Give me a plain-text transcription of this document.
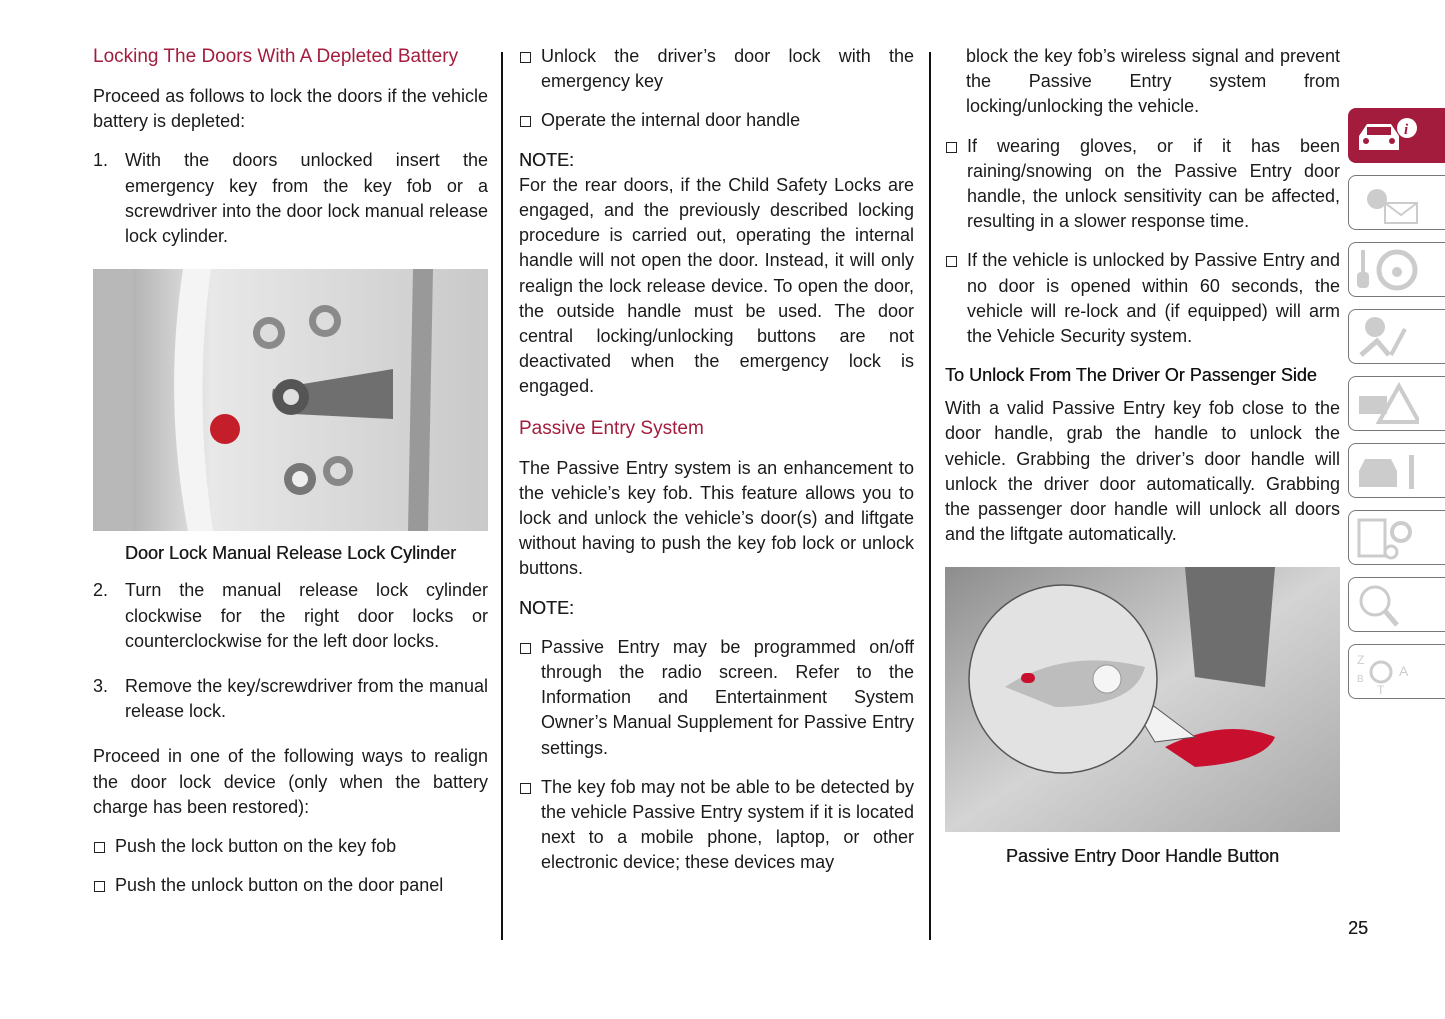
Locking The Doors With A Depleted Battery

Proceed as follows to lock the doors if the vehicle battery is depleted:

1. With the doors unlocked insert the emergency key from the key fob or a screwdriver into the door lock manual release lock cylinder.
Door Lock Manual Release Lock Cylinder
2. Turn the manual release lock cylinder clockwise for the right door locks or counterclockwise for the left door locks.
3. Remove the key/screwdriver from the manual release lock.

Proceed in one of the following ways to realign the door lock device (only when the battery charge has been restored):

Push the lock button on the key fob
Push the unlock button on the door panel
Unlock the driver’s door lock with the emergency key
Operate the internal door handle
NOTE:

For the rear doors, if the Child Safety Locks are engaged, and the previously described locking procedure is carried out, operating the internal handle will not open the door. Instead, it will only realign the lock release device. To open the door, the outside handle must be used. The door central locking/unlocking buttons are not deactivated when the emergency lock is engaged.

Passive Entry System

The Passive Entry system is an enhancement to the vehicle’s key fob. This feature allows you to lock and unlock the vehicle’s door(s) and liftgate without having to push the key fob lock or unlock buttons.

NOTE:
Passive Entry may be programmed on/off through the radio screen. Refer to the Information and Entertainment System Owner’s Manual Supplement for Passive Entry settings.
The key fob may not be able to be detected by the vehicle Passive Entry system if it is located next to a mobile phone, laptop, or other electronic device; these devices may

block the key fob’s wireless signal and prevent the Passive Entry system from locking/unlocking the vehicle.

If wearing gloves, or if it has been raining/snowing on the Passive Entry door handle, the unlock sensitivity can be affected, resulting in a slower response time.
If the vehicle is unlocked by Passive Entry and no door is opened within 60 seconds, the vehicle will re-lock and (if equipped) will arm the Vehicle Security system.
To Unlock From The Driver Or Passenger Side

With a valid Passive Entry key fob close to the door handle, grab the handle to unlock the vehicle. Grabbing the driver’s door handle will unlock the driver door automatically. Grabbing the passenger door handle will unlock all doors and the liftgate automatically.

Passive Entry Door Handle Button
i
Z
B
A
T
25
